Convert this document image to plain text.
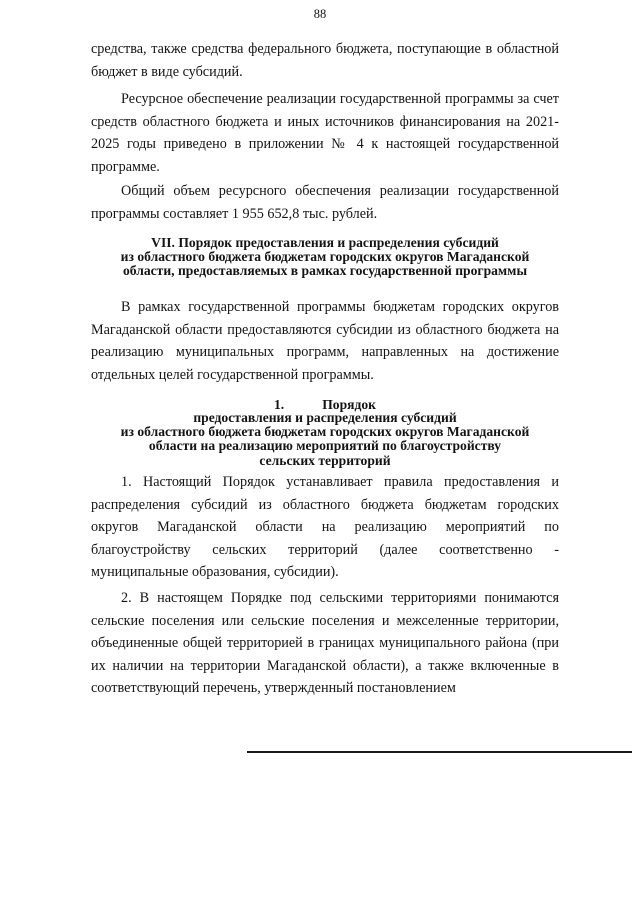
88

средства, также средства федерального бюджета, поступающие в областной бюджет в виде субсидий.

Ресурсное обеспечение реализации государственной программы за счет средств областного бюджета и иных источников финансирования на 2021-2025 годы приведено в приложении № 4 к настоящей государственной программе.

Общий объем ресурсного обеспечения реализации государственной программы составляет 1 955 652,8 тыс. рублей.

VII. Порядок предоставления и распределения субсидий
из областного бюджета бюджетам городских округов Магаданской
области, предоставляемых в рамках государственной программы

В рамках государственной программы бюджетам городских округов Магаданской области предоставляются субсидии из областного бюджета на реализацию муниципальных программ, направленных на достижение отдельных целей государственной программы.

1.	Порядок
предоставления и распределения субсидий
из областного бюджета бюджетам городских округов Магаданской
области на реализацию мероприятий по благоустройству
сельских территорий

1. Настоящий Порядок устанавливает правила предоставления и распределения субсидий из областного бюджета бюджетам городских округов Магаданской области на реализацию мероприятий по благоустройству сельских территорий (далее соответственно - муниципальные образования, субсидии).

2. В настоящем Порядке под сельскими территориями понимаются сельские поселения или сельские поселения и межселенные территории, объединенные общей территорией в границах муниципального района (при их наличии на территории Магаданской области), а также включенные в соответствующий перечень, утвержденный постановлением
